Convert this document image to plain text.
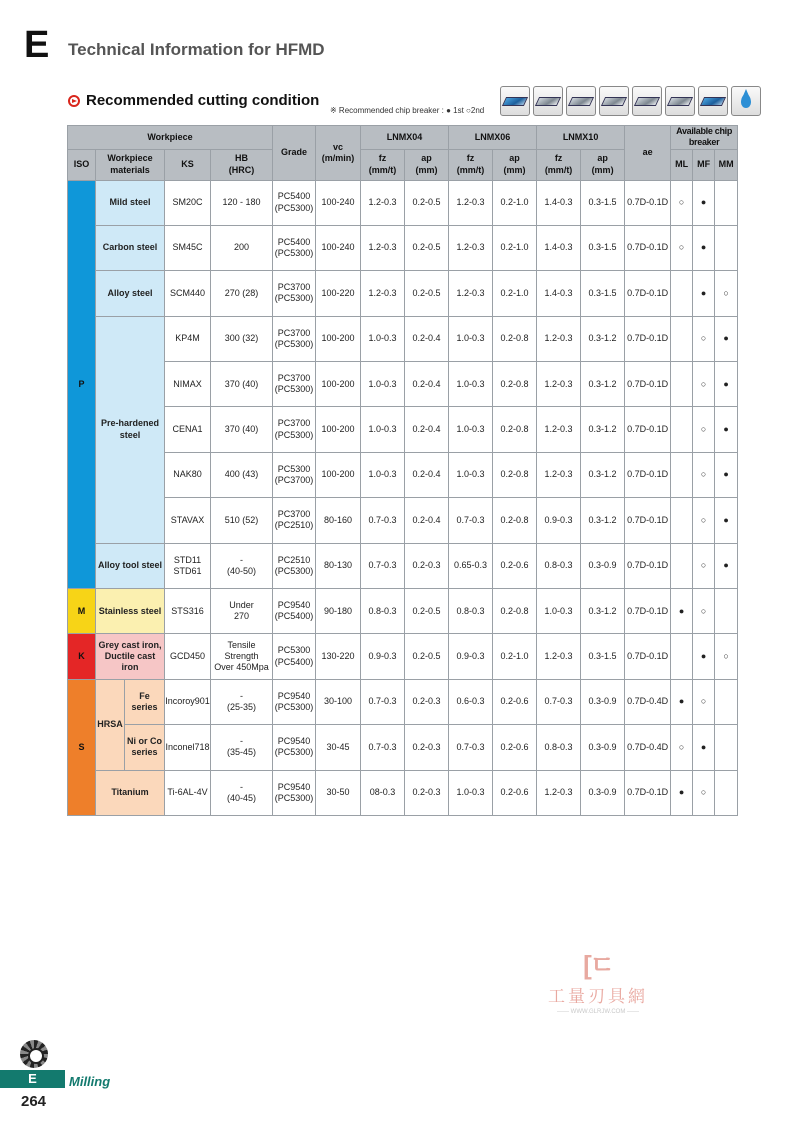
E Technical Information for HFMD
Recommended cutting condition
※ Recommended chip breaker : ● 1st ○2nd
Workpiece					Grade	vc
(m/min)	LNMX04		LNMX06		LNMX10		ae	Available chip breaker		
ISO	Workpiece materials		KS	HB
(HRC)			fz
(mm/t)	ap
(mm)	fz
(mm/t)	ap
(mm)	fz
(mm/t)	ap
(mm)		ML	MF	MM
P	Mild steel		SM20C	120 - 180	PC5400
(PC5300)	100-240	1.2-0.3	0.2-0.5	1.2-0.3	0.2-1.0	1.4-0.3	0.3-1.5	0.7D-0.1D	○	●	
	Carbon steel		SM45C	200	PC5400
(PC5300)	100-240	1.2-0.3	0.2-0.5	1.2-0.3	0.2-1.0	1.4-0.3	0.3-1.5	0.7D-0.1D	○	●	
	Alloy steel		SCM440	270 (28)	PC3700
(PC5300)	100-220	1.2-0.3	0.2-0.5	1.2-0.3	0.2-1.0	1.4-0.3	0.3-1.5	0.7D-0.1D		●	○
	Pre-hardened steel		KP4M	300 (32)	PC3700
(PC5300)	100-200	1.0-0.3	0.2-0.4	1.0-0.3	0.2-0.8	1.2-0.3	0.3-1.2	0.7D-0.1D		○	●
			NIMAX	370 (40)	PC3700
(PC5300)	100-200	1.0-0.3	0.2-0.4	1.0-0.3	0.2-0.8	1.2-0.3	0.3-1.2	0.7D-0.1D		○	●
			CENA1	370 (40)	PC3700
(PC5300)	100-200	1.0-0.3	0.2-0.4	1.0-0.3	0.2-0.8	1.2-0.3	0.3-1.2	0.7D-0.1D		○	●
			NAK80	400 (43)	PC5300
(PC3700)	100-200	1.0-0.3	0.2-0.4	1.0-0.3	0.2-0.8	1.2-0.3	0.3-1.2	0.7D-0.1D		○	●
			STAVAX	510 (52)	PC3700
(PC2510)	80-160	0.7-0.3	0.2-0.4	0.7-0.3	0.2-0.8	0.9-0.3	0.3-1.2	0.7D-0.1D		○	●
	Alloy tool steel		STD11
STD61	-
(40-50)	PC2510
(PC5300)	80-130	0.7-0.3	0.2-0.3	0.65-0.3	0.2-0.6	0.8-0.3	0.3-0.9	0.7D-0.1D		○	●
M	Stainless steel		STS316	Under
270	PC9540
(PC5400)	90-180	0.8-0.3	0.2-0.5	0.8-0.3	0.2-0.8	1.0-0.3	0.3-1.2	0.7D-0.1D	●	○	
K	Grey cast iron, Ductile cast iron		GCD450	Tensile
Strength
Over 450Mpa	PC5300
(PC5400)	130-220	0.9-0.3	0.2-0.5	0.9-0.3	0.2-1.0	1.2-0.3	0.3-1.5	0.7D-0.1D		●	○
S	HRSA	Fe series	Incoroy901	-
(25-35)	PC9540
(PC5300)	30-100	0.7-0.3	0.2-0.3	0.6-0.3	0.2-0.6	0.7-0.3	0.3-0.9	0.7D-0.4D	●	○	
		Ni or Co series	Inconel718	-
(35-45)	PC9540
(PC5300)	30-45	0.7-0.3	0.2-0.3	0.7-0.3	0.2-0.6	0.8-0.3	0.3-0.9	0.7D-0.4D	○	●	
	Titanium		Ti-6AL-4V	-
(40-45)	PC9540
(PC5300)	30-50	08-0.3	0.2-0.3	1.0-0.3	0.2-0.6	1.2-0.3	0.3-0.9	0.7D-0.1D	●	○	
[ㄷ
工量刃具網
—— WWW.GLRJW.COM ——
E	Milling
264
